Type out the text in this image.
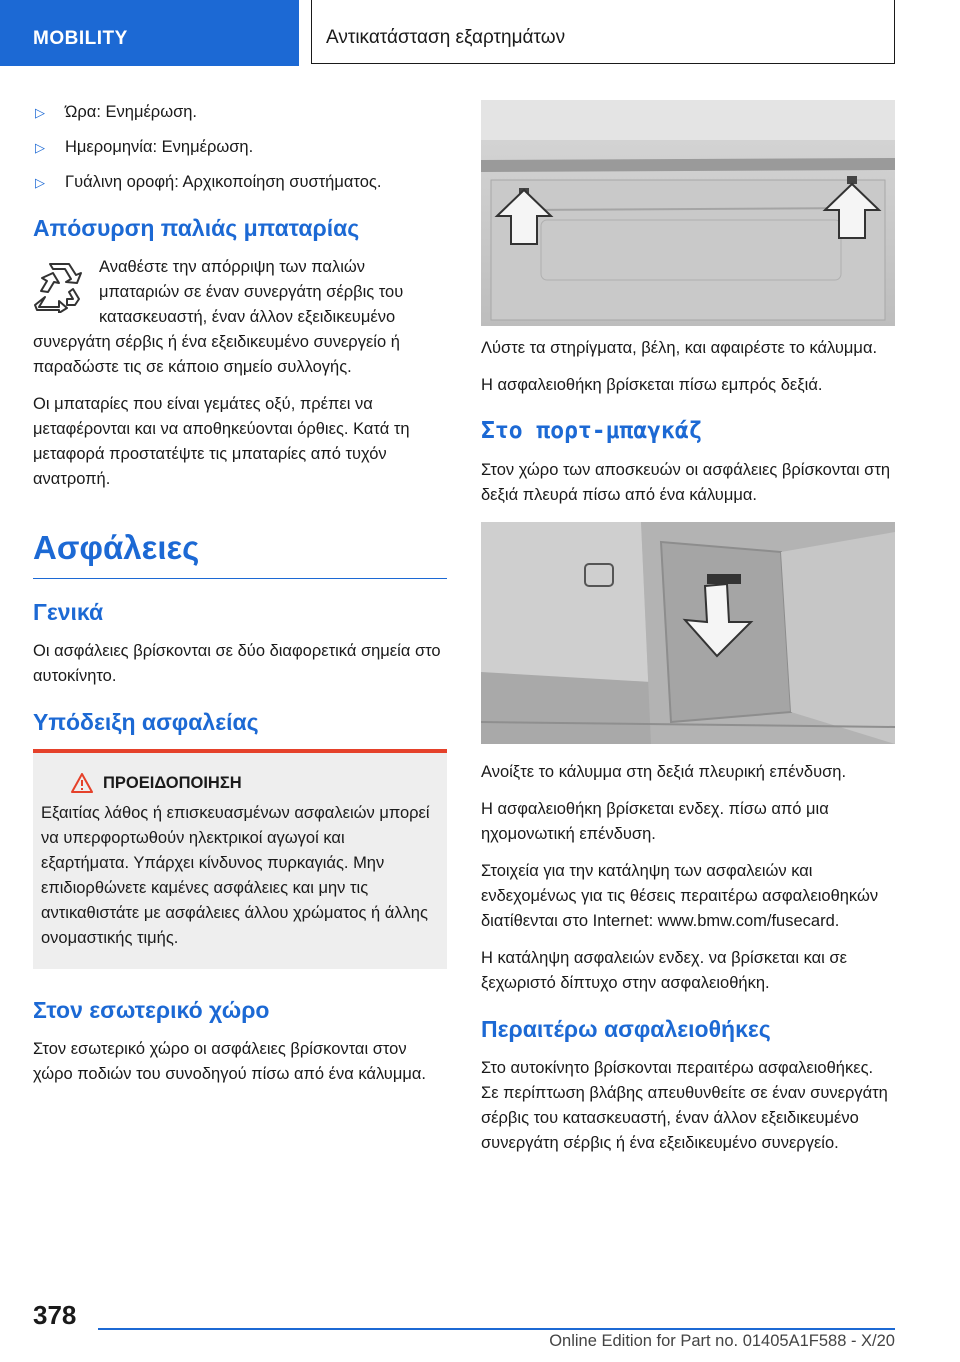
MOBILITY	Αντικατάσταση εξαρτημάτων
▷	Ώρα: Ενημέρωση.
▷	Ημερομηνία: Ενημέρωση.
▷	Γυάλινη οροφή: Αρχικοποίηση συστήματος.
Απόσυρση παλιάς μπαταρίας

Αναθέστε την απόρριψη των παλιών μπαταριών σε έναν συνεργάτη σέρβις του κατασκευαστή, έναν άλλον εξειδικευμένο συνεργάτη σέρβις ή ένα εξειδικευμένο συνεργείο ή παραδώστε τις σε κάποιο σημείο συλλογής.

Οι μπαταρίες που είναι γεμάτες οξύ, πρέπει να μεταφέρονται και να αποθηκεύονται όρθιες. Κατά τη μεταφορά προστατέψτε τις μπαταρίες από τυχόν ανατροπή.

Ασφάλειες
Γενικά

Οι ασφάλειες βρίσκονται σε δύο διαφορετικά σημεία στο αυτοκίνητο.

Υπόδειξη ασφαλείας
ΠΡΟΕΙΔΟΠΟΙΗΣΗ

Εξαιτίας λάθος ή επισκευασμένων ασφαλειών μπορεί να υπερφορτωθούν ηλεκτρικοί αγωγοί και εξαρτήματα. Υπάρχει κίνδυνος πυρκαγιάς. Μην επιδιορθώνετε καμένες ασφάλειες και μην τις αντικαθιστάτε με ασφάλειες άλλου χρώματος ή άλλης ονομαστικής τιμής.

Στον εσωτερικό χώρο

Στον εσωτερικό χώρο οι ασφάλειες βρίσκονται στον χώρο ποδιών του συνοδηγού πίσω από ένα κάλυμμα.

Λύστε τα στηρίγματα, βέλη, και αφαιρέστε το κάλυμμα.

Η ασφαλειοθήκη βρίσκεται πίσω εμπρός δεξιά.

Στο πορτ-μπαγκάζ

Στον χώρο των αποσκευών οι ασφάλειες βρίσκονται στη δεξιά πλευρά πίσω από ένα κάλυμμα.

Ανοίξτε το κάλυμμα στη δεξιά πλευρική επένδυση.

Η ασφαλειοθήκη βρίσκεται ενδεχ. πίσω από μια ηχομονωτική επένδυση.

Στοιχεία για την κατάληψη των ασφαλειών και ενδεχομένως για τις θέσεις περαιτέρω ασφαλειοθηκών διατίθενται στο Internet: www.bmw.com/fusecard.

Η κατάληψη ασφαλειών ενδεχ. να βρίσκεται και σε ξεχωριστό δίπτυχο στην ασφαλειοθήκη.

Περαιτέρω ασφαλειοθήκες

Στο αυτοκίνητο βρίσκονται περαιτέρω ασφαλειοθήκες. Σε περίπτωση βλάβης απευθυνθείτε σε έναν συνεργάτη σέρβις του κατασκευαστή, έναν άλλον εξειδικευμένο συνεργάτη σέρβις ή ένα εξειδικευμένο συνεργείο.

378
Online Edition for Part no. 01405A1F588 - X/20
